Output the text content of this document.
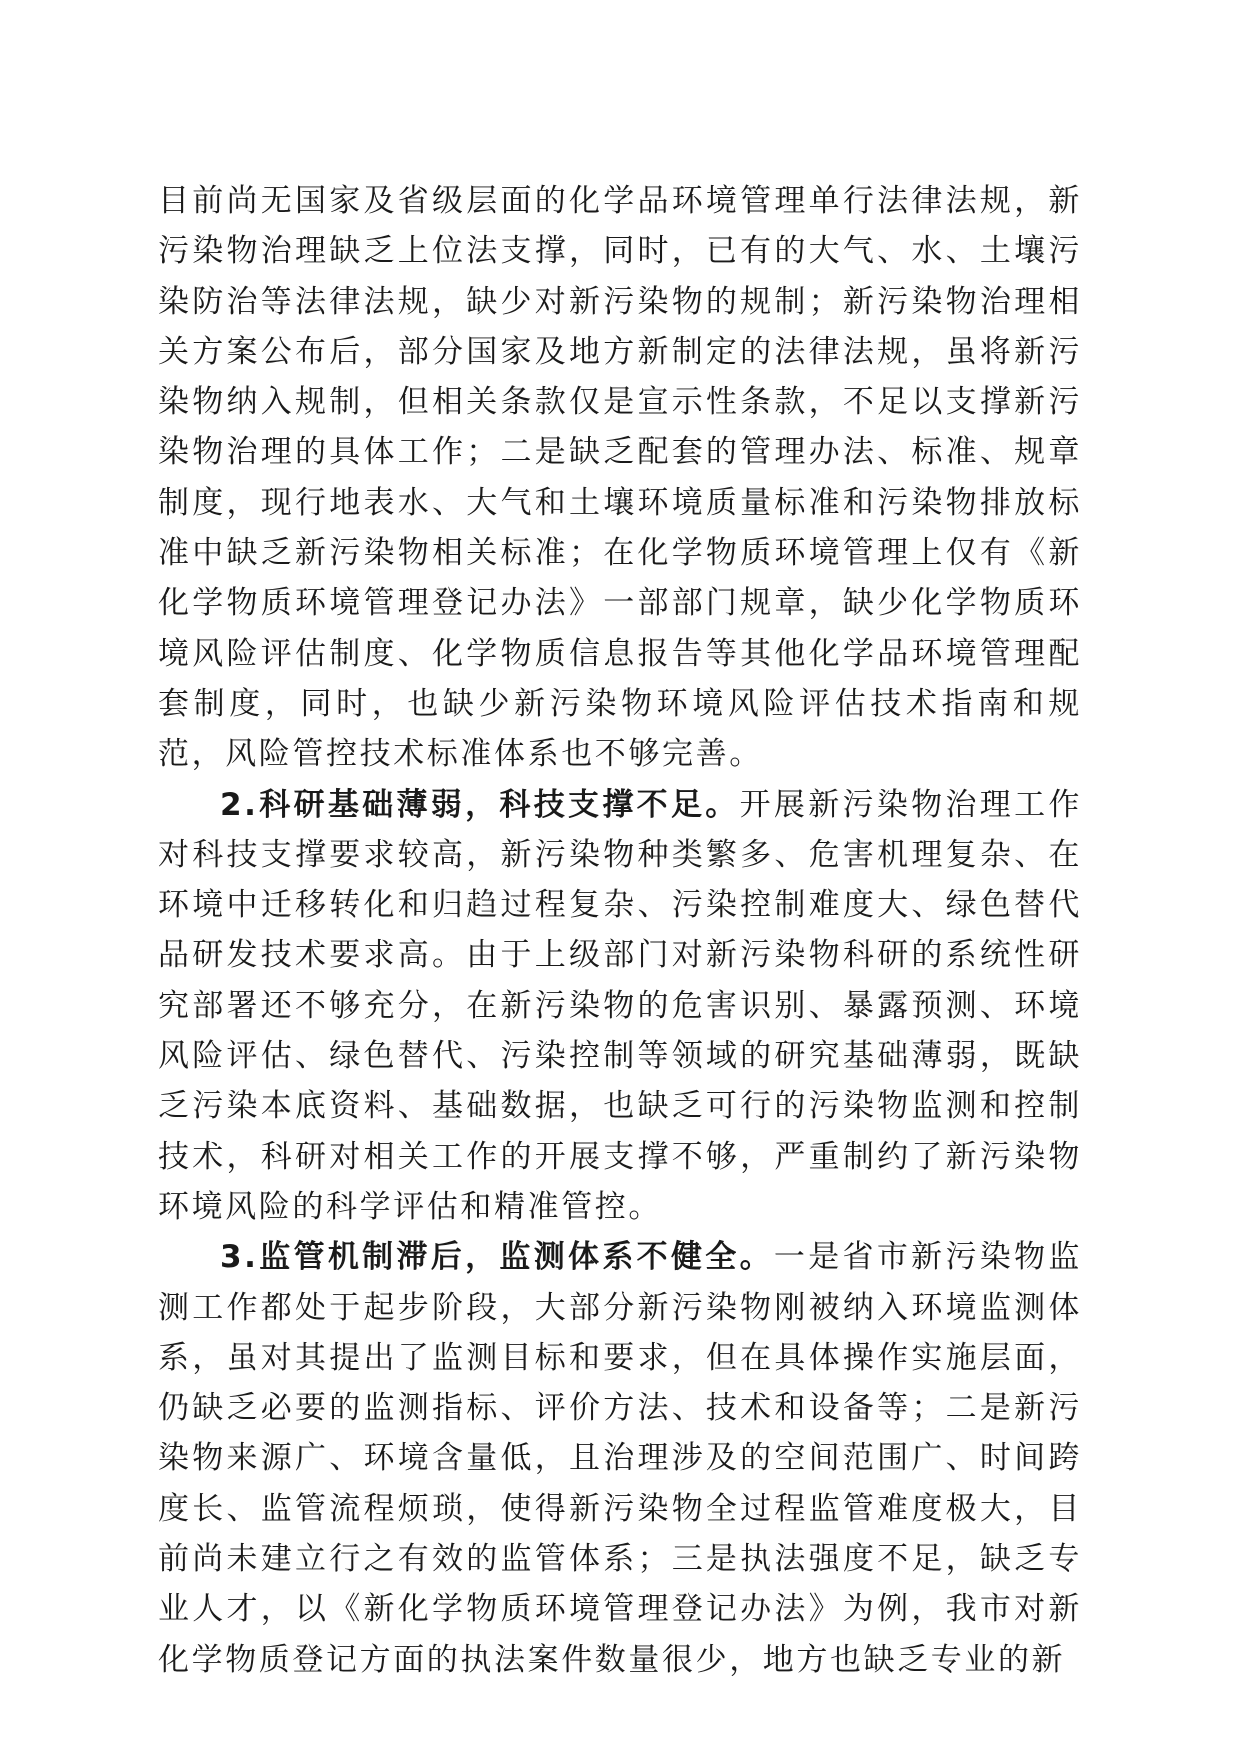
目前尚无国家及省级层面的化学品环境管理单行法律法规，新污染物治理缺乏上位法支撑，同时，已有的大气、水、土壤污染防治等法律法规，缺少对新污染物的规制；新污染物治理相关方案公布后，部分国家及地方新制定的法律法规，虽将新污染物纳入规制，但相关条款仅是宣示性条款，不足以支撑新污染物治理的具体工作；二是缺乏配套的管理办法、标准、规章制度，现行地表水、大气和土壤环境质量标准和污染物排放标准中缺乏新污染物相关标准；在化学物质环境管理上仅有《新化学物质环境管理登记办法》一部部门规章，缺少化学物质环境风险评估制度、化学物质信息报告等其他化学品环境管理配套制度，同时，也缺少新污染物环境风险评估技术指南和规范，风险管控技术标准体系也不够完善。

2.科研基础薄弱，科技支撑不足。开展新污染物治理工作对科技支撑要求较高，新污染物种类繁多、危害机理复杂、在环境中迁移转化和归趋过程复杂、污染控制难度大、绿色替代品研发技术要求高。由于上级部门对新污染物科研的系统性研究部署还不够充分，在新污染物的危害识别、暴露预测、环境风险评估、绿色替代、污染控制等领域的研究基础薄弱，既缺乏污染本底资料、基础数据，也缺乏可行的污染物监测和控制技术，科研对相关工作的开展支撑不够，严重制约了新污染物环境风险的科学评估和精准管控。

3.监管机制滞后，监测体系不健全。一是省市新污染物监测工作都处于起步阶段，大部分新污染物刚被纳入环境监测体系，虽对其提出了监测目标和要求，但在具体操作实施层面，仍缺乏必要的监测指标、评价方法、技术和设备等；二是新污染物来源广、环境含量低，且治理涉及的空间范围广、时间跨度长、监管流程烦琐，使得新污染物全过程监管难度极大，目前尚未建立行之有效的监管体系；三是执法强度不足，缺乏专业人才，以《新化学物质环境管理登记办法》为例，我市对新化学物质登记方面的执法案件数量很少，地方也缺乏专业的新
